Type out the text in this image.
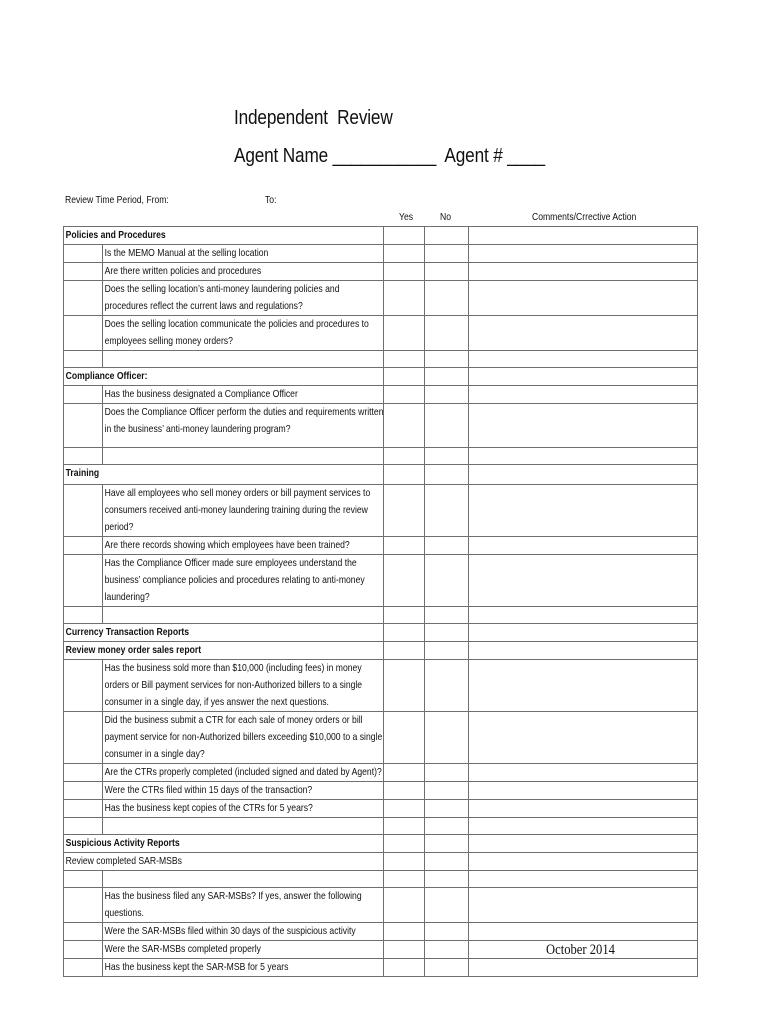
Independent  Review
Agent Name ___________  Agent # ____
Review Time Period, From:	To:
Yes	No	Comments/Crrective Action
Policies and Procedures				

	Is the MEMO Manual at the selling location			

	Are there written policies and procedures			

	Does the selling location’s anti-money laundering policies and procedures reflect the current laws and regulations?			

	Does the selling location communicate the policies and procedures to employees selling money orders?			

Compliance Officer:				

	Has the business designated a Compliance Officer			

	Does the Compliance Officer perform the duties and requirements written in the business’ anti-money laundering program?			

Training				

	Have all employees who sell money orders or bill payment services to consumers received anti-money laundering training during the review period?			

	Are there records showing which employees have been trained?			

	Has the Compliance Officer made sure employees understand the business’ compliance policies and procedures relating to anti-money laundering?			

Currency Transaction Reports				

Review money order sales report				

	Has the business sold more than $10,000 (including fees) in money orders or Bill payment services for non-Authorized billers to a single consumer in a single day, if yes answer the next questions.			

	Did the business submit a CTR for each sale of money orders or bill payment service for non-Authorized billers exceeding $10,000 to a single consumer in a single day?			

	Are the CTRs properly completed (included signed and dated by Agent)?			

	Were the CTRs filed within 15 days of the transaction?			

	Has the business kept copies of the CTRs for 5 years?			

Suspicious Activity Reports				

Review completed SAR-MSBs				

	Has the business filed any SAR-MSBs? If yes, answer the following questions.			

	Were the SAR-MSBs filed within 30 days of the suspicious activity			

	Were the SAR-MSBs completed properly			

	Has the business kept the SAR-MSB for 5 years			

October 2014
